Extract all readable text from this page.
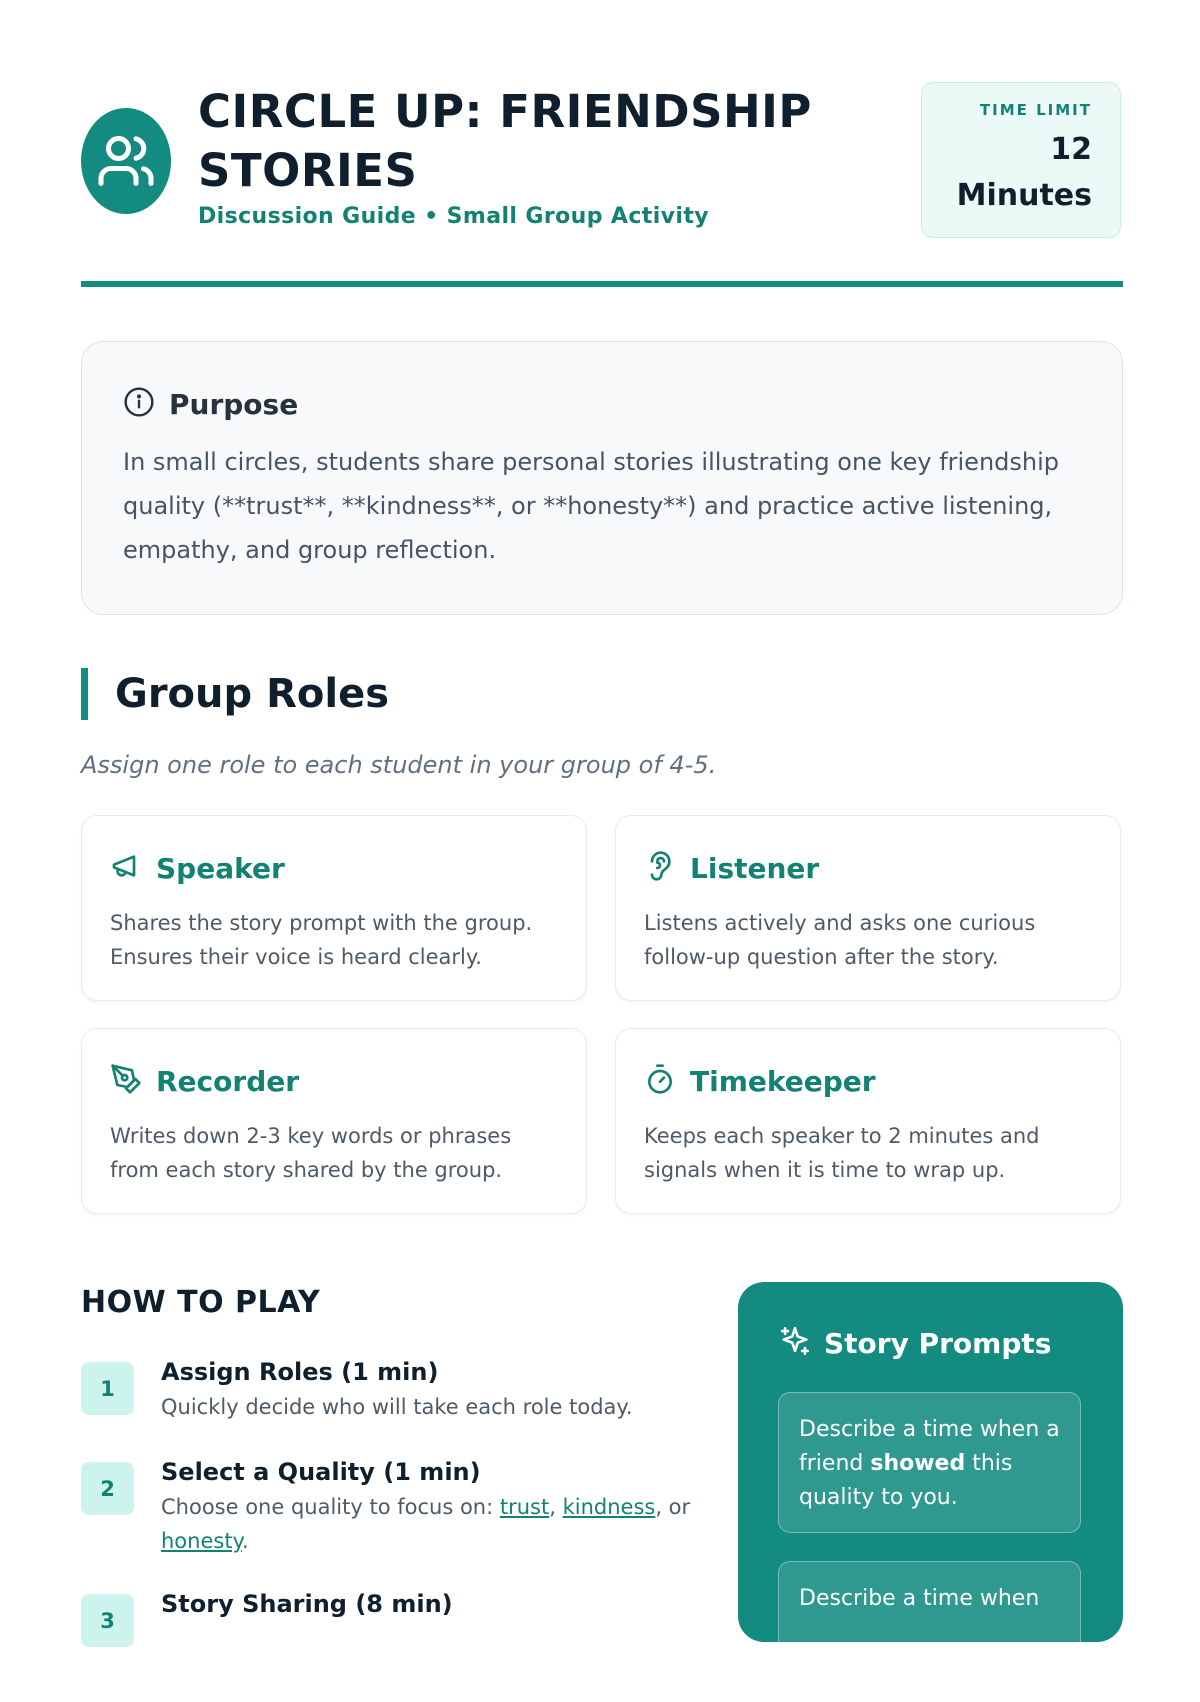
CIRCLE UP: FRIENDSHIP STORIES
Discussion Guide • Small Group Activity
TIME LIMIT
12
Minutes
Purpose
In small circles, students share personal stories illustrating one key friendship quality (**trust**, **kindness**, or **honesty**) and practice active listening, empathy, and group reflection.
Group Roles
Assign one role to each student in your group of 4-5.
Speaker
Shares the story prompt with the group. Ensures their voice is heard clearly.
Listener
Listens actively and asks one curious follow-up question after the story.
Recorder
Writes down 2-3 key words or phrases from each story shared by the group.
Timekeeper
Keeps each speaker to 2 minutes and signals when it is time to wrap up.
HOW TO PLAY
1
Assign Roles (1 min)
Quickly decide who will take each role today.
2
Select a Quality (1 min)
Choose one quality to focus on: trust, kindness, or honesty.
3
Story Sharing (8 min)
Story Prompts
Describe a time when a friend showed this quality to you.
Describe a time when
